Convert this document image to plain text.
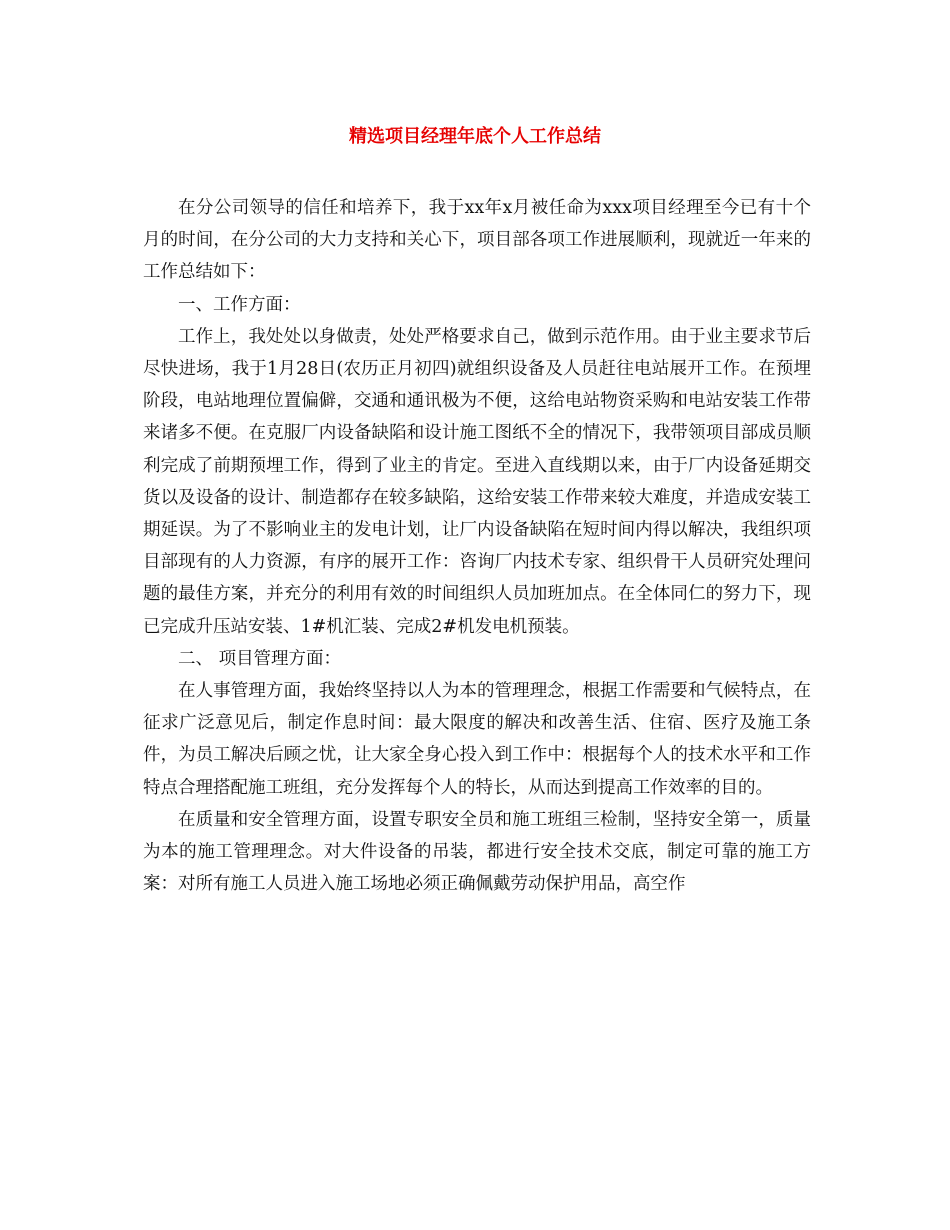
精选项目经理年底个人工作总结

在分公司领导的信任和培养下，我于xx年x月被任命为xxx项目经理至今已有十个月的时间，在分公司的大力支持和关心下，项目部各项工作进展顺利，现就近一年来的工作总结如下：

一、工作方面：

工作上，我处处以身做责，处处严格要求自己，做到示范作用。由于业主要求节后尽快进场，我于1月28日(农历正月初四)就组织设备及人员赶往电站展开工作。在预埋阶段，电站地理位置偏僻，交通和通讯极为不便，这给电站物资采购和电站安装工作带来诸多不便。在克服厂内设备缺陷和设计施工图纸不全的情况下，我带领项目部成员顺利完成了前期预埋工作，得到了业主的肯定。至进入直线期以来，由于厂内设备延期交货以及设备的设计、制造都存在较多缺陷，这给安装工作带来较大难度，并造成安装工期延误。为了不影响业主的发电计划，让厂内设备缺陷在短时间内得以解决，我组织项目部现有的人力资源，有序的展开工作：咨询厂内技术专家、组织骨干人员研究处理问题的最佳方案，并充分的利用有效的时间组织人员加班加点。在全体同仁的努力下，现已完成升压站安装、1#机汇装、完成2#机发电机预装。

二、 项目管理方面：

在人事管理方面，我始终坚持以人为本的管理理念，根据工作需要和气候特点，在征求广泛意见后，制定作息时间：最大限度的解决和改善生活、住宿、医疗及施工条件，为员工解决后顾之忧，让大家全身心投入到工作中：根据每个人的技术水平和工作特点合理搭配施工班组，充分发挥每个人的特长，从而达到提高工作效率的目的。

在质量和安全管理方面，设置专职安全员和施工班组三检制，坚持安全第一，质量为本的施工管理理念。对大件设备的吊装，都进行安全技术交底，制定可靠的施工方案：对所有施工人员进入施工场地必须正确佩戴劳动保护用品，高空作
